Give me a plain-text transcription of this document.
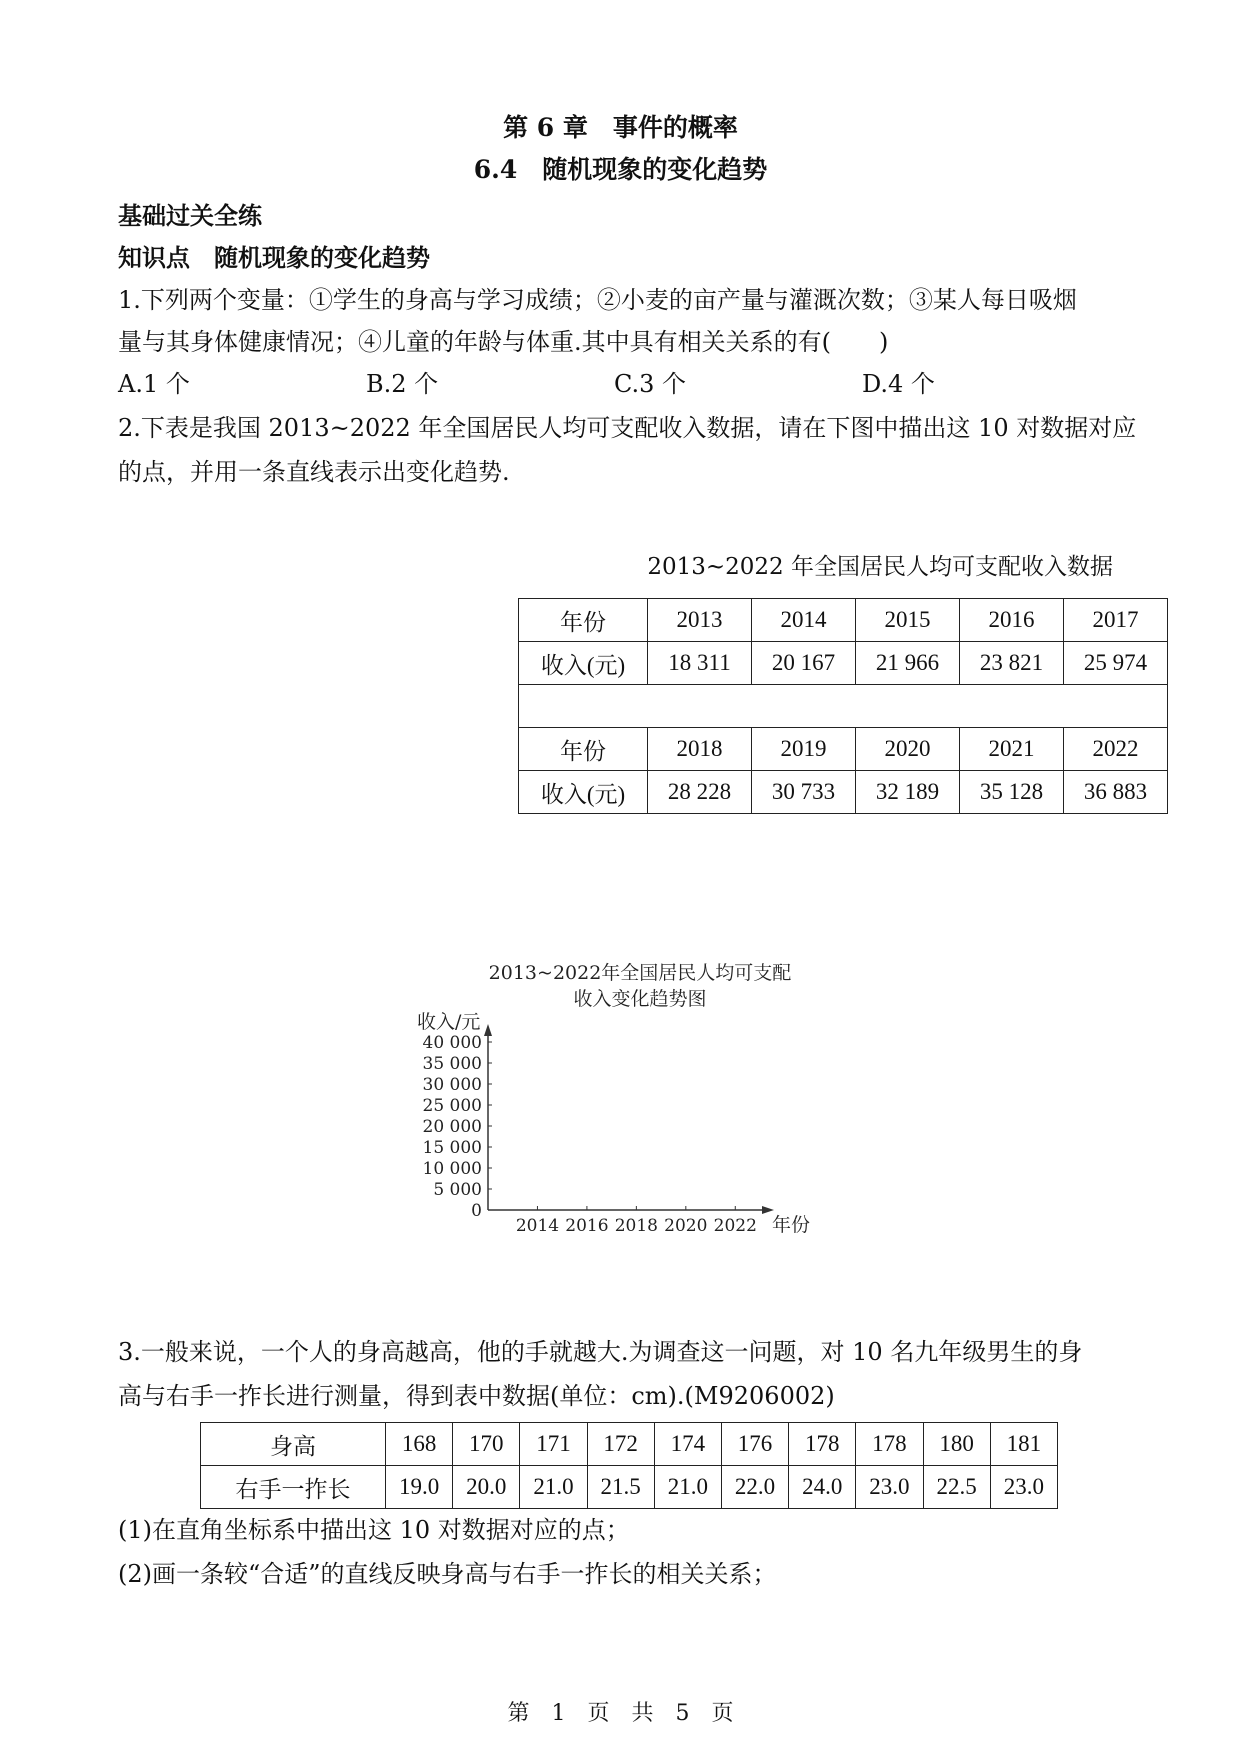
第 6 章　事件的概率
6.4　随机现象的变化趋势
基础过关全练
知识点　随机现象的变化趋势
1.下列两个变量：①学生的身高与学习成绩；②小麦的亩产量与灌溉次数；③某人每日吸烟
量与其身体健康情况；④儿童的年龄与体重.其中具有相关关系的有(　　)
A.1 个	B.2 个	C.3 个	D.4 个
2.下表是我国 2013~2022 年全国居民人均可支配收入数据，请在下图中描出这 10 对数据对应
的点，并用一条直线表示出变化趋势.
2013~2022 年全国居民人均可支配收入数据
年份	2013	2014	2015	2016	2017
收入(元)	18 311	20 167	21 966	23 821	25 974

年份	2018	2019	2020	2021	2022
收入(元)	28 228	30 733	32 189	35 128	36 883
2013~2022年全国居民人均可支配
收入变化趋势图
收入/元
0
5 000
10 000
15 000
20 000
25 000
30 000
35 000
40 000
2014 2016 2018 2020 2022 年份
3.一般来说，一个人的身高越高，他的手就越大.为调查这一问题，对 10 名九年级男生的身
高与右手一拃长进行测量，得到表中数据(单位：cm).(M9206002)
身高	168	170	171	172	174	176	178	178	180	181
右手一拃长	19.0	20.0	21.0	21.5	21.0	22.0	24.0	23.0	22.5	23.0
(1)在直角坐标系中描出这 10 对数据对应的点；
(2)画一条较“合适”的直线反映身高与右手一拃长的相关关系；
第　1　页　共　5　页
